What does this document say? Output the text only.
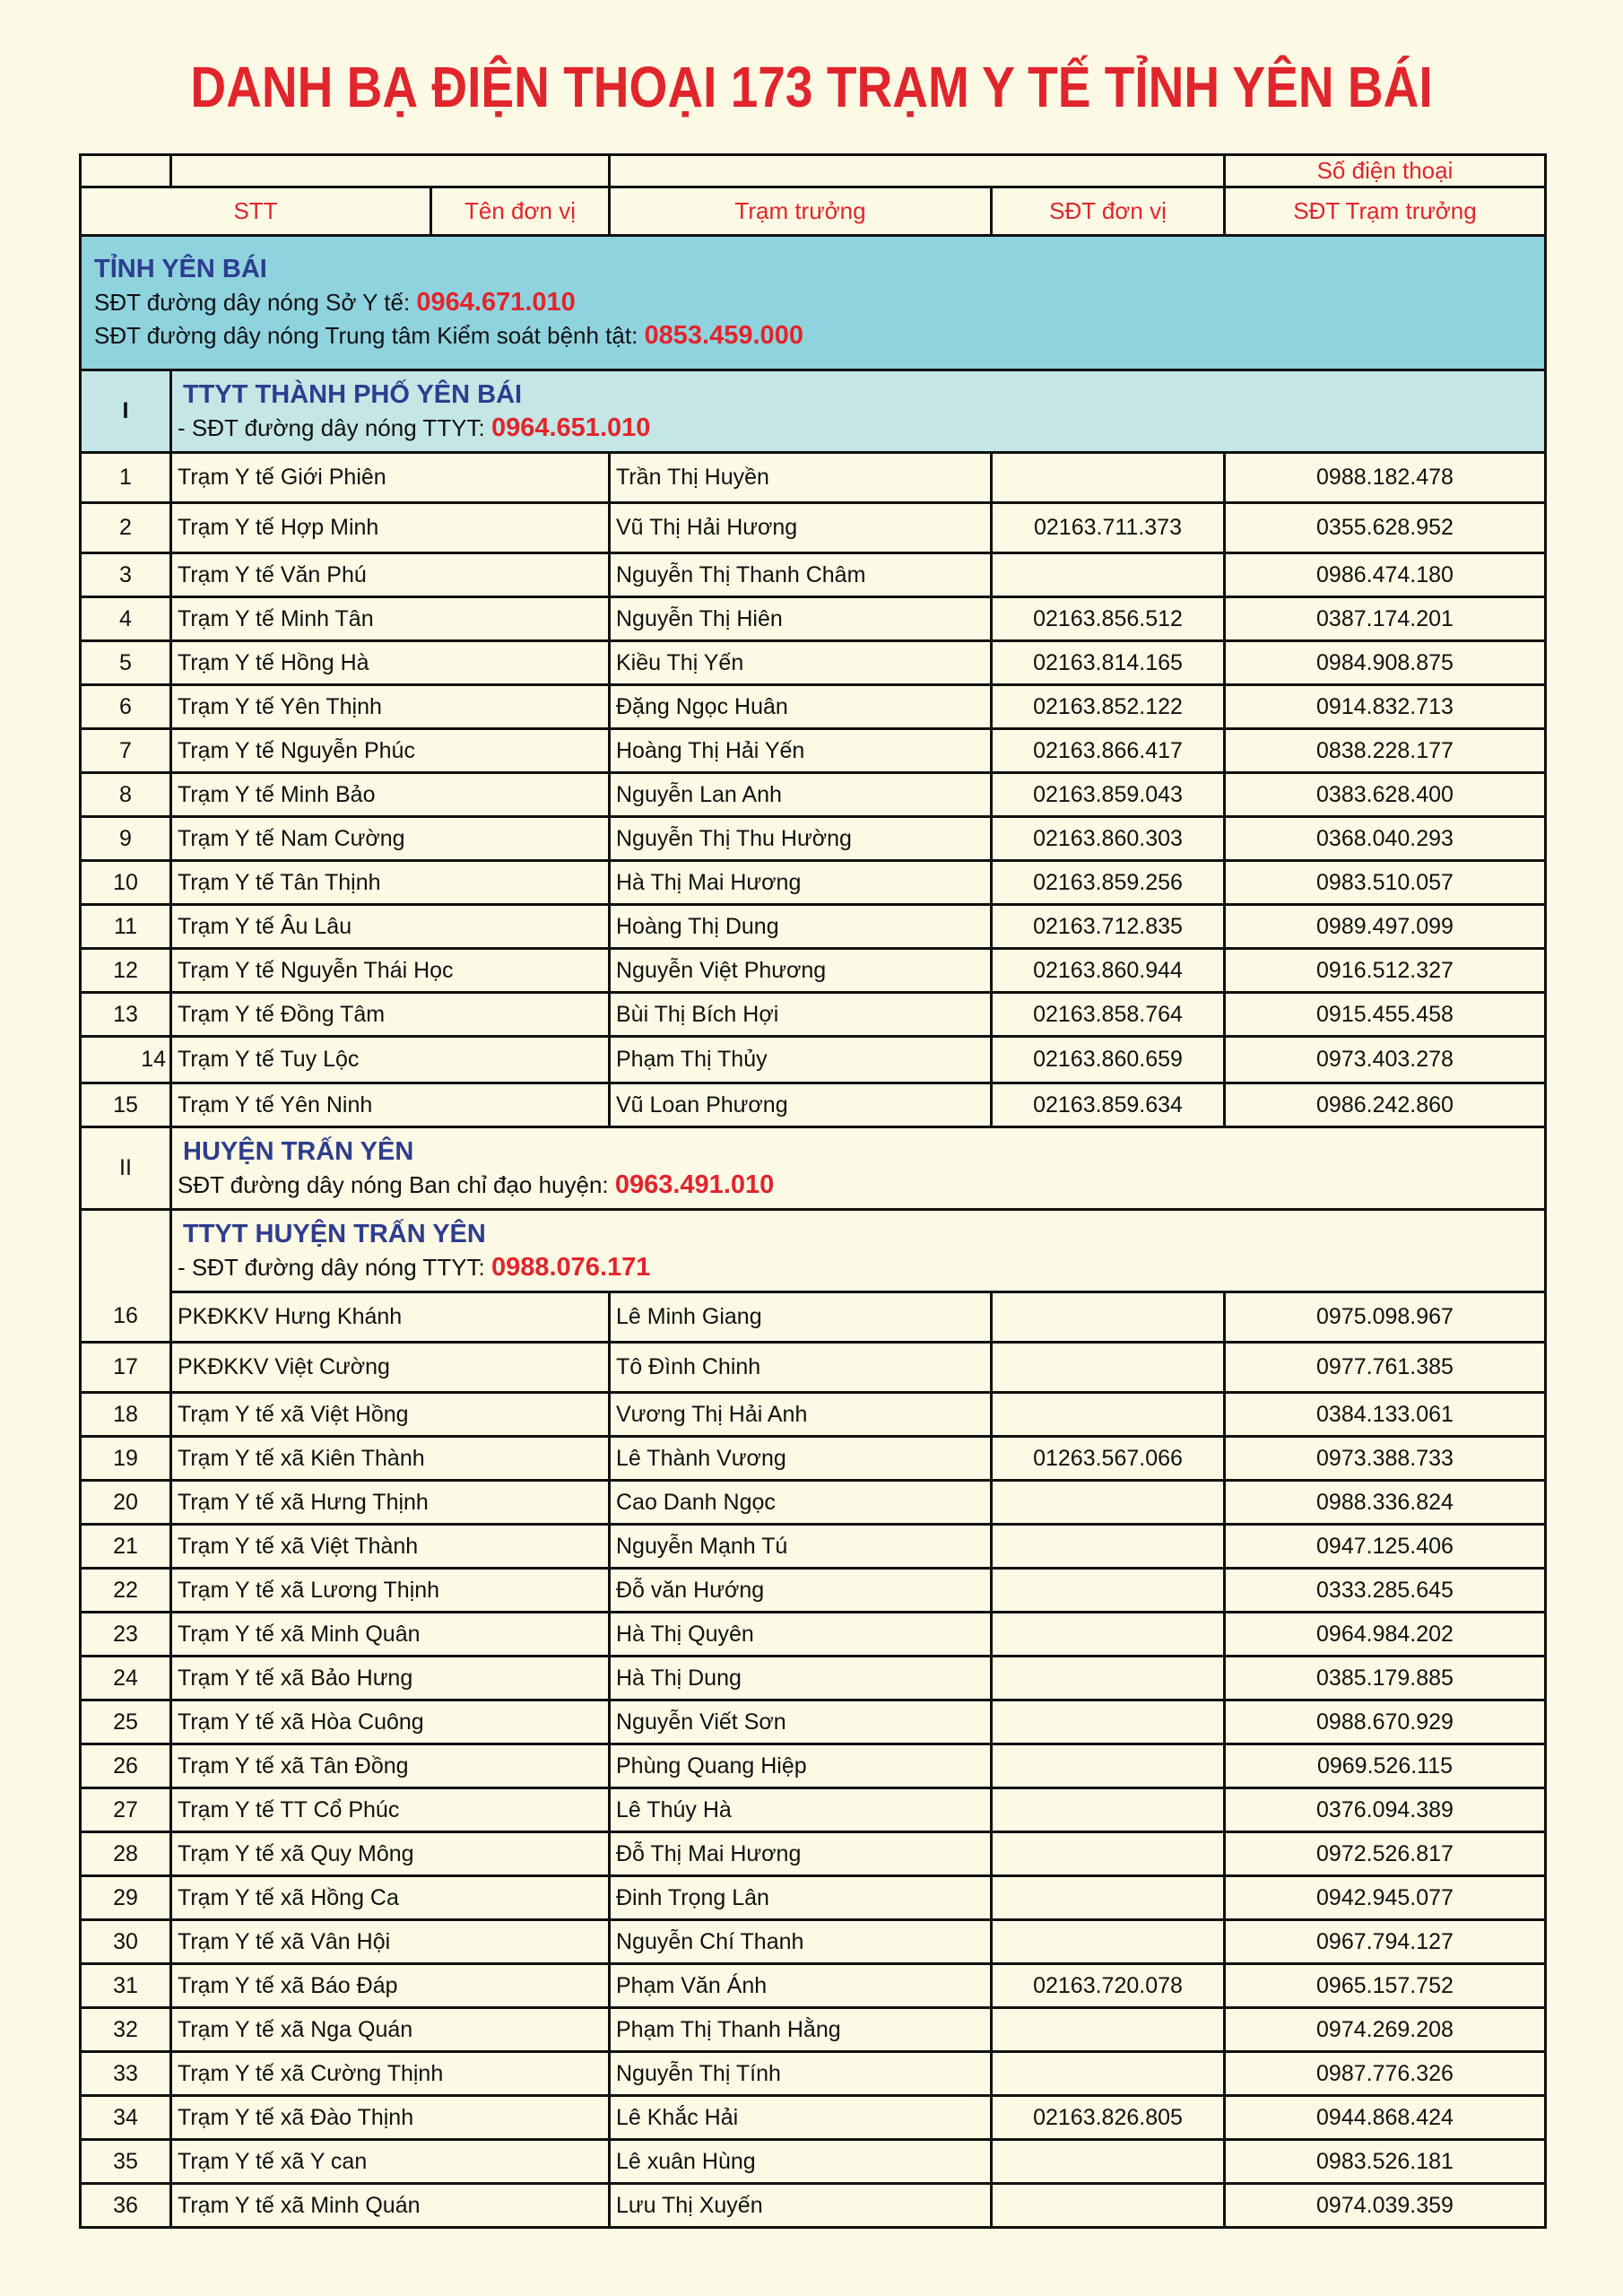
DANH BẠ ĐIỆN THOẠI 173 TRẠM Y TẾ TỈNH YÊN BÁI
					Số điện thoại
STT		Tên đơn vị	Trạm trưởng	SĐT đơn vị	SĐT Trạm trưởng

TỈNH YÊN BÁI
SĐT đường dây nóng Sở Y tế: 0964.671.010
SĐT đường dây nóng Trung tâm Kiểm soát bệnh tật: 0853.459.000					

I	TTYT THÀNH PHỐ YÊN BÁI
- SĐT đường dây nóng TTYT: 0964.651.010				

1	Trạm Y tế Giới Phiên		Trần Thị Huyền		0988.182.478
2	Trạm Y tế Hợp Minh		Vũ Thị Hải Hương	02163.711.373	0355.628.952
3	Trạm Y tế Văn Phú		Nguyễn Thị Thanh Châm		0986.474.180
4	Trạm Y tế Minh Tân		Nguyễn Thị Hiên	02163.856.512	0387.174.201
5	Trạm Y tế Hồng Hà		Kiều Thị Yến	02163.814.165	0984.908.875
6	Trạm Y tế Yên Thịnh		Đặng Ngọc Huân	02163.852.122	0914.832.713
7	Trạm Y tế Nguyễn Phúc		Hoàng Thị Hải Yến	02163.866.417	0838.228.177
8	Trạm Y tế Minh Bảo		Nguyễn Lan Anh	02163.859.043	0383.628.400
9	Trạm Y tế Nam Cường		Nguyễn Thị Thu Hường	02163.860.303	0368.040.293
10	Trạm Y tế Tân Thịnh		Hà Thị Mai Hương	02163.859.256	0983.510.057
11	Trạm Y tế Âu Lâu		Hoàng Thị Dung	02163.712.835	0989.497.099
12	Trạm Y tế Nguyễn Thái Học		Nguyễn Việt Phương	02163.860.944	0916.512.327
13	Trạm Y tế Đồng Tâm		Bùi Thị Bích Hợi	02163.858.764	0915.455.458
14	Trạm Y tế Tuy Lộc		Phạm Thị Thủy	02163.860.659	0973.403.278
15	Trạm Y tế Yên Ninh		Vũ Loan Phương	02163.859.634	0986.242.860
II	HUYỆN TRẤN YÊN
SĐT đường dây nóng Ban chỉ đạo huyện: 0963.491.010				

	TTYT HUYỆN TRẤN YÊN
- SĐT đường dây nóng TTYT: 0988.076.171				

16	PKĐKKV Hưng Khánh		Lê Minh Giang		0975.098.967
17	PKĐKKV Việt Cường		Tô Đình Chinh		0977.761.385
18	Trạm Y tế xã Việt Hồng		Vương Thị Hải Anh		0384.133.061
19	Trạm Y tế xã Kiên Thành		Lê Thành Vương	01263.567.066	0973.388.733
20	Trạm Y tế xã Hưng Thịnh		Cao Danh Ngọc		0988.336.824
21	Trạm Y tế xã Việt Thành		Nguyễn Mạnh Tú		0947.125.406
22	Trạm Y tế xã Lương Thịnh		Đỗ văn Hướng		0333.285.645
23	Trạm Y tế xã Minh Quân		Hà Thị Quyên		0964.984.202
24	Trạm Y tế xã Bảo Hưng		Hà Thị Dung		0385.179.885
25	Trạm Y tế xã Hòa Cuông		Nguyễn Viết Sơn		0988.670.929
26	Trạm Y tế xã Tân Đồng		Phùng Quang Hiệp		0969.526.115
27	Trạm Y tế TT Cổ Phúc		Lê Thúy Hà		0376.094.389
28	Trạm Y tế xã Quy Mông		Đỗ Thị Mai Hương		0972.526.817
29	Trạm Y tế xã Hồng Ca		Đinh Trọng Lân		0942.945.077
30	Trạm Y tế xã Vân Hội		Nguyễn Chí Thanh		0967.794.127
31	Trạm Y tế xã Báo Đáp		Phạm Văn Ánh	02163.720.078	0965.157.752
32	Trạm Y tế xã Nga Quán		Phạm Thị Thanh Hằng		0974.269.208
33	Trạm Y tế xã Cường Thịnh		Nguyễn Thị Tính		0987.776.326
34	Trạm Y tế xã Đào Thịnh		Lê Khắc Hải	02163.826.805	0944.868.424
35	Trạm Y tế xã Y can		Lê xuân Hùng		0983.526.181
36	Trạm Y tế xã Minh Quán		Lưu Thị Xuyến		0974.039.359
